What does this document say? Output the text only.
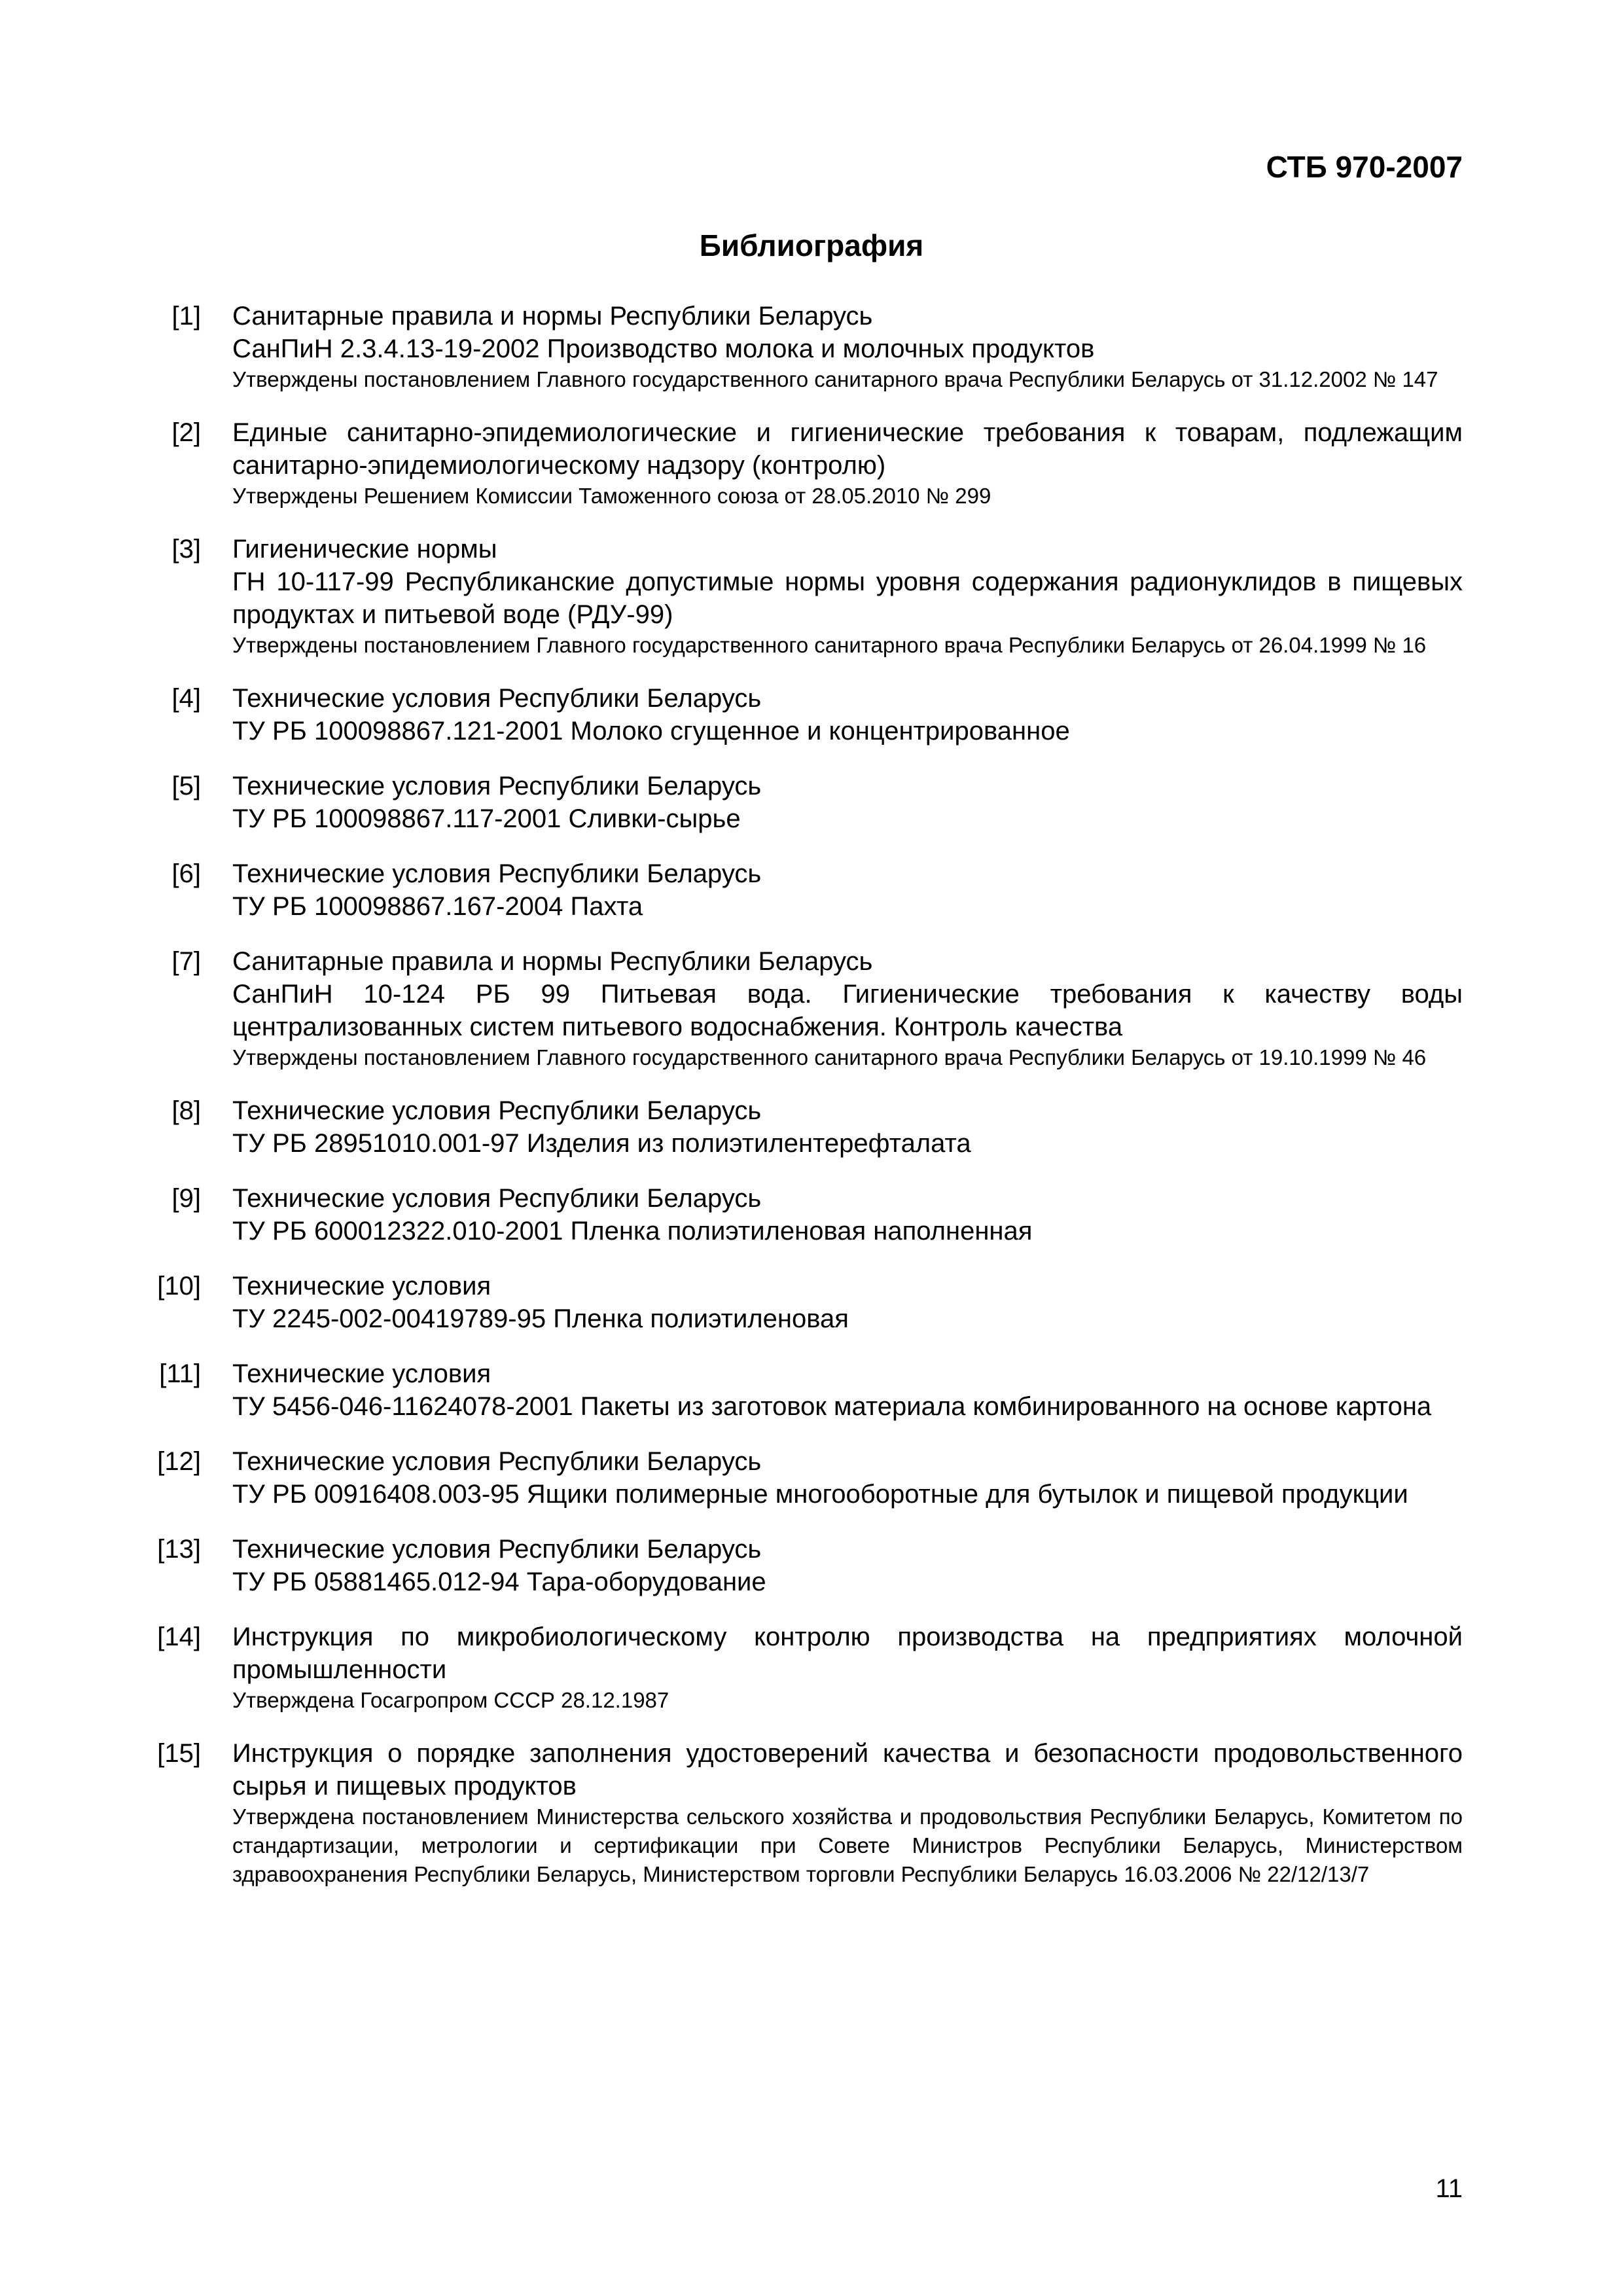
СТБ 970-2007
Библиография
[1] Санитарные правила и нормы Республики Беларусь
СанПиН 2.3.4.13-19-2002 Производство молока и молочных продуктов
Утверждены постановлением Главного государственного санитарного врача Республики Беларусь от 31.12.2002 № 147
[2] Единые санитарно-эпидемиологические и гигиенические требования к товарам, подлежащим санитарно-эпидемиологическому надзору (контролю)
Утверждены Решением Комиссии Таможенного союза от 28.05.2010 № 299
[3] Гигиенические нормы
ГН 10-117-99 Республиканские допустимые нормы уровня содержания радионуклидов в пищевых продуктах и питьевой воде (РДУ-99)
Утверждены постановлением Главного государственного санитарного врача Республики Беларусь от 26.04.1999 № 16
[4] Технические условия Республики Беларусь
ТУ РБ 100098867.121-2001 Молоко сгущенное и концентрированное
[5] Технические условия Республики Беларусь
ТУ РБ 100098867.117-2001 Сливки-сырье
[6] Технические условия Республики Беларусь
ТУ РБ 100098867.167-2004 Пахта
[7] Санитарные правила и нормы Республики Беларусь
СанПиН 10-124 РБ 99 Питьевая вода. Гигиенические требования к качеству воды централизованных систем питьевого водоснабжения. Контроль качества
Утверждены постановлением Главного государственного санитарного врача Республики Беларусь от 19.10.1999 № 46
[8] Технические условия Республики Беларусь
ТУ РБ 28951010.001-97 Изделия из полиэтилентерефталата
[9] Технические условия Республики Беларусь
ТУ РБ 600012322.010-2001 Пленка полиэтиленовая наполненная
[10] Технические условия
ТУ 2245-002-00419789-95 Пленка полиэтиленовая
[11] Технические условия
ТУ 5456-046-11624078-2001 Пакеты из заготовок материала комбинированного на основе картона
[12] Технические условия Республики Беларусь
ТУ РБ 00916408.003-95 Ящики полимерные многооборотные для бутылок и пищевой продукции
[13] Технические условия Республики Беларусь
ТУ РБ 05881465.012-94 Тара-оборудование
[14] Инструкция по микробиологическому контролю производства на предприятиях молочной промышленности
Утверждена Госагропром СССР 28.12.1987
[15] Инструкция о порядке заполнения удостоверений качества и безопасности продовольственного сырья и пищевых продуктов
Утверждена постановлением Министерства сельского хозяйства и продовольствия Республики Беларусь, Комитетом по стандартизации, метрологии и сертификации при Совете Министров Республики Беларусь, Министерством здравоохранения Республики Беларусь, Министерством торговли Республики Беларусь 16.03.2006 № 22/12/13/7
11
